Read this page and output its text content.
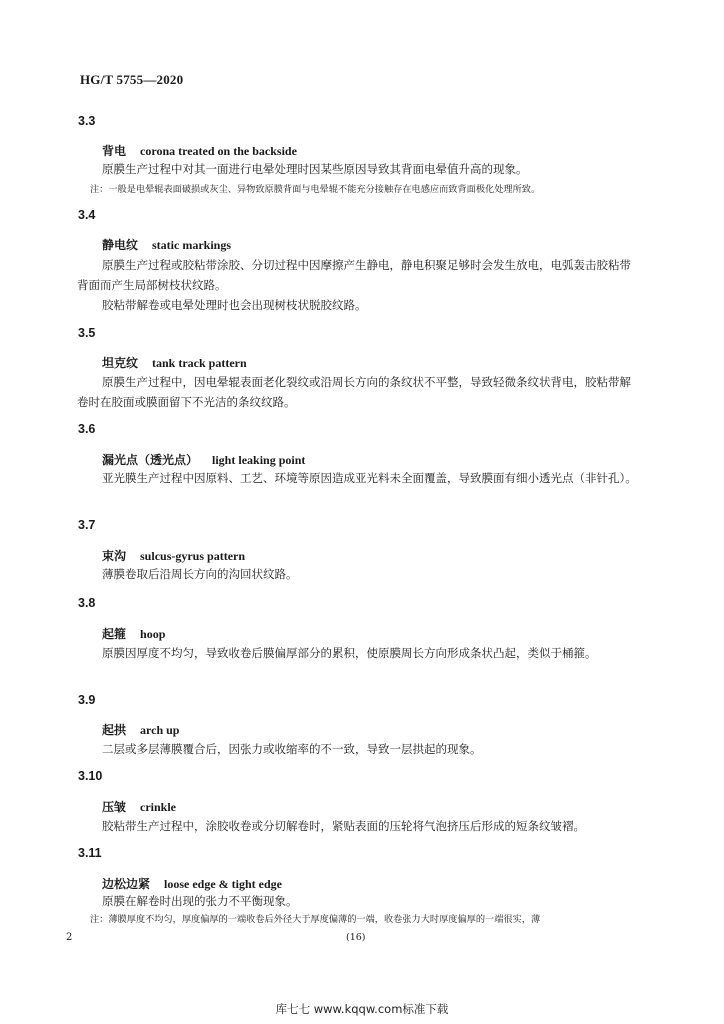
HG/T 5755—2020
3.3
背电 corona treated on the backside
原膜生产过程中对其一面进行电晕处理时因某些原因导致其背面电晕值升高的现象。
注：一般是电晕辊表面破损或灰尘、异物致原膜背面与电晕辊不能充分接触存在电感应而致背面极化处理所致。
3.4
静电纹 static markings
原膜生产过程或胶粘带涂胶、分切过程中因摩擦产生静电，静电积聚足够时会发生放电，电弧轰击胶粘带背面而产生局部树枝状纹路。
胶粘带解卷或电晕处理时也会出现树枝状脱胶纹路。
3.5
坦克纹 tank track pattern
原膜生产过程中，因电晕辊表面老化裂纹或沿周长方向的条纹状不平整，导致轻微条纹状背电，胶粘带解卷时在胶面或膜面留下不光洁的条纹纹路。
3.6
漏光点（透光点） light leaking point
亚光膜生产过程中因原料、工艺、环境等原因造成亚光料未全面覆盖，导致膜面有细小透光点（非针孔）。
3.7
束沟 sulcus-gyrus pattern
薄膜卷取后沿周长方向的沟回状纹路。
3.8
起箍 hoop
原膜因厚度不均匀，导致收卷后膜偏厚部分的累积，使原膜周长方向形成条状凸起，类似于桶箍。
3.9
起拱 arch up
二层或多层薄膜覆合后，因张力或收缩率的不一致，导致一层拱起的现象。
3.10
压皱 crinkle
胶粘带生产过程中，涂胶收卷或分切解卷时，紧贴表面的压轮将气泡挤压后形成的短条纹皱褶。
3.11
边松边紧 loose edge & tight edge
原膜在解卷时出现的张力不平衡现象。
注：薄膜厚度不均匀，厚度偏厚的一端收卷后外径大于厚度偏薄的一端，收卷张力大时厚度偏厚的一端很实，薄
2	(16)
库七七 www.kqqw.com标准下载
